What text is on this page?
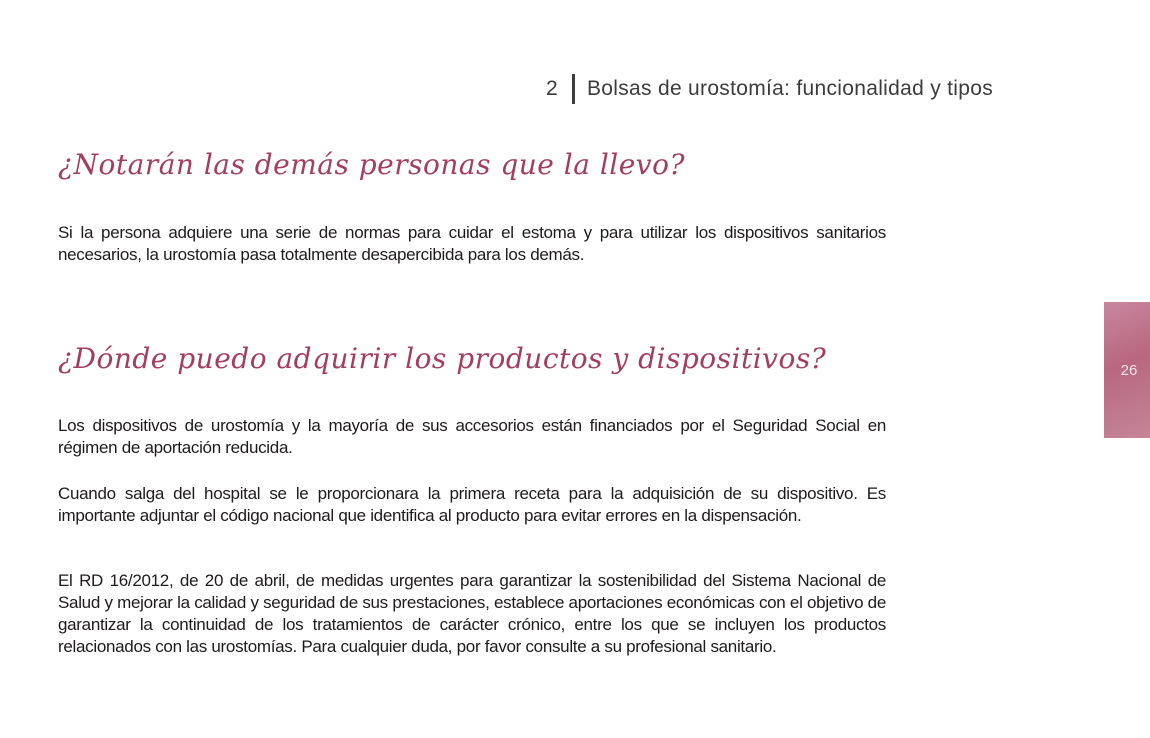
2 Bolsas de urostomía: funcionalidad y tipos
¿Notarán las demás personas que la llevo?

Si la persona adquiere una serie de normas para cuidar el estoma y para utilizar los dispositivos sanitarios necesarios, la urostomía pasa totalmente desapercibida para los demás.

¿Dónde puedo adquirir los productos y dispositivos?

Los dispositivos de urostomía y la mayoría de sus accesorios están financiados por el Seguridad Social en régimen de aportación reducida.

Cuando salga del hospital se le proporcionara la primera receta para la adquisición de su dispositivo. Es importante adjuntar el código nacional que identifica al producto para evitar errores en la dispensación.

El RD 16/2012, de 20 de abril, de medidas urgentes para garantizar la sostenibilidad del Sistema Nacional de Salud y mejorar la calidad y seguridad de sus prestaciones, establece aportaciones económicas con el objetivo de garantizar la continuidad de los tratamientos de carácter crónico, entre los que se incluyen los productos relacionados con las urostomías. Para cualquier duda, por favor consulte a su profesional sanitario.

26
